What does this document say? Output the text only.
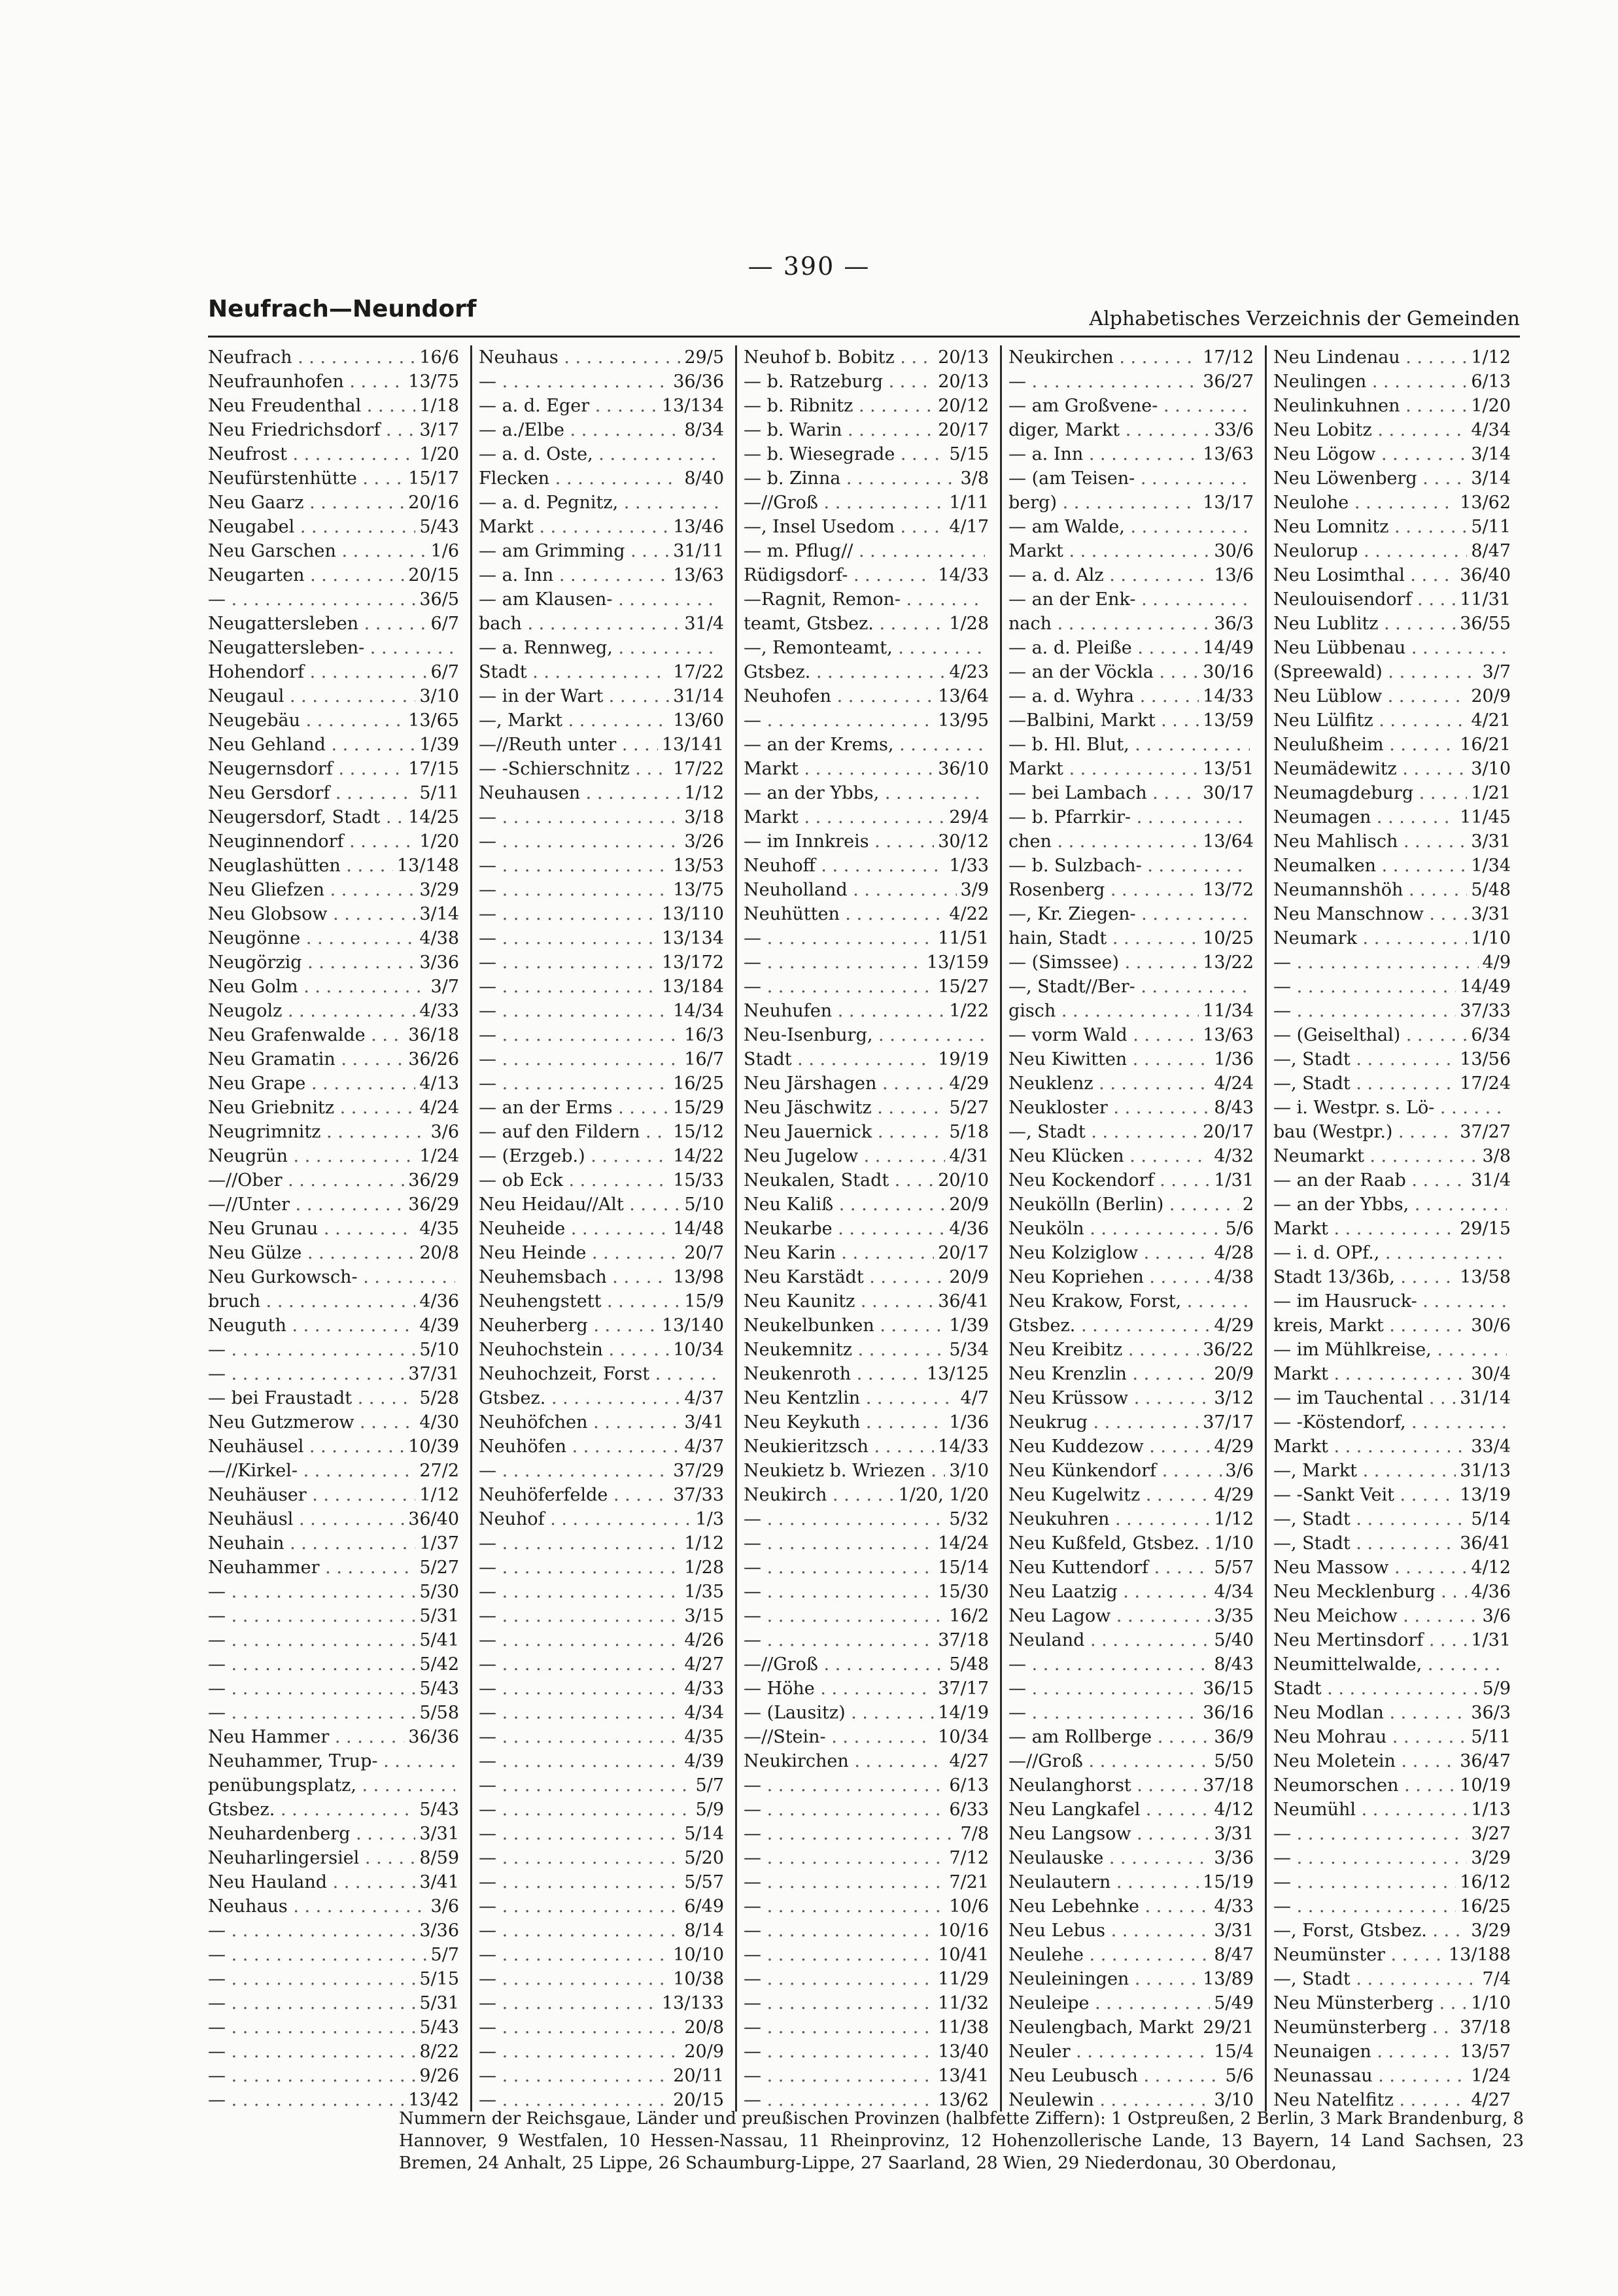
— 390 —
Neufrach—Neundorf	Alphabetisches Verzeichnis der Gemeinden
Neufrach . . .	16/6
Neufraunhofen . . .	13/75
Neu Freudenthal . . .	1/18
Neu Friedrichsdorf . . .	3/17
Neufrost . . .	1/20
Neufürstenhütte . . .	15/17
Neu Gaarz . . .	20/16
Neugabel . . .	5/43
Neu Garschen . . .	1/6
Neugarten . . .	20/15
— . . .	36/5
Neugattersleben . . .	6/7
Neugattersleben- . . .
Hohendorf . . .	6/7
Neugaul . . .	3/10
Neugebäu . . .	13/65
Neu Gehland . . .	1/39
Neugernsdorf . . .	17/15
Neu Gersdorf . . .	5/11
Neugersdorf, Stadt . . .	14/25
Neuginnendorf . . .	1/20
Neuglashütten . . .	13/148
Neu Gliefzen . . .	3/29
Neu Globsow . . .	3/14
Neugönne . . .	4/38
Neugörzig . . .	3/36
Neu Golm . . .	3/7
Neugolz . . .	4/33
Neu Grafenwalde . . .	36/18
Neu Gramatin . . .	36/26
Neu Grape . . .	4/13
Neu Griebnitz . . .	4/24
Neugrimnitz . . .	3/6
Neugrün . . .	1/24
—//Ober . . .	36/29
—//Unter . . .	36/29
Neu Grunau . . .	4/35
Neu Gülze . . .	20/8
Neu Gurkowsch- . . .
bruch . . .	4/36
Neuguth . . .	4/39
— . . .	5/10
— . . .	37/31
— bei Fraustadt . . .	5/28
Neu Gutzmerow . . .	4/30
Neuhäusel . . .	10/39
—//Kirkel- . . .	27/2
Neuhäuser . . .	1/12
Neuhäusl . . .	36/40
Neuhain . . .	1/37
Neuhammer . . .	5/27
— . . .	5/30
— . . .	5/31
— . . .	5/41
— . . .	5/42
— . . .	5/43
— . . .	5/58
Neu Hammer . . .	36/36
Neuhammer, Trup- . . .
penübungsplatz, . . .
Gtsbez. . . .	5/43
Neuhardenberg . . .	3/31
Neuharlingersiel . . .	8/59
Neu Hauland . . .	3/41
Neuhaus . . .	3/6
— . . .	3/36
— . . .	5/7
— . . .	5/15
— . . .	5/31
— . . .	5/43
— . . .	8/22
— . . .	9/26
— . . .	13/42
Neuhaus . . .	29/5
— . . .	36/36
— a. d. Eger . . .	13/134
— a./Elbe . . .	8/34
— a. d. Oste, . . .
Flecken . . .	8/40
— a. d. Pegnitz, . . .
Markt . . .	13/46
— am Grimming . . .	31/11
— a. Inn . . .	13/63
— am Klausen- . . .
bach . . .	31/4
— a. Rennweg, . . .
Stadt . . .	17/22
— in der Wart . . .	31/14
—, Markt . . .	13/60
—//Reuth unter . . .	13/141
— -Schierschnitz . . .	17/22
Neuhausen . . .	1/12
— . . .	3/18
— . . .	3/26
— . . .	13/53
— . . .	13/75
— . . .	13/110
— . . .	13/134
— . . .	13/172
— . . .	13/184
— . . .	14/34
— . . .	16/3
— . . .	16/7
— . . .	16/25
— an der Erms . . .	15/29
— auf den Fildern . . .	15/12
— (Erzgeb.) . . .	14/22
— ob Eck . . .	15/33
Neu Heidau//Alt . . .	5/10
Neuheide . . .	14/48
Neu Heinde . . .	20/7
Neuhemsbach . . .	13/98
Neuhengstett . . .	15/9
Neuherberg . . .	13/140
Neuhochstein . . .	10/34
Neuhochzeit, Forst . . .
Gtsbez. . . .	4/37
Neuhöfchen . . .	3/41
Neuhöfen . . .	4/37
— . . .	37/29
Neuhöferfelde . . .	37/33
Neuhof . . .	1/3
— . . .	1/12
— . . .	1/28
— . . .	1/35
— . . .	3/15
— . . .	4/26
— . . .	4/27
— . . .	4/33
— . . .	4/34
— . . .	4/35
— . . .	4/39
— . . .	5/7
— . . .	5/9
— . . .	5/14
— . . .	5/20
— . . .	5/57
— . . .	6/49
— . . .	8/14
— . . .	10/10
— . . .	10/38
— . . .	13/133
— . . .	20/8
— . . .	20/9
— . . .	20/11
— . . .	20/15
Neuhof b. Bobitz . . .	20/13
— b. Ratzeburg . . .	20/13
— b. Ribnitz . . .	20/12
— b. Warin . . .	20/17
— b. Wiesegrade . . .	5/15
— b. Zinna . . .	3/8
—//Groß . . .	1/11
—, Insel Usedom . . .	4/17
— m. Pflug// . . .
Rüdigsdorf- . . .	14/33
—Ragnit, Remon- . . .
teamt, Gtsbez. . . .	1/28
—, Remonteamt, . . .
Gtsbez. . . .	4/23
Neuhofen . . .	13/64
— . . .	13/95
— an der Krems, . . .
Markt . . .	36/10
— an der Ybbs, . . .
Markt . . .	29/4
— im Innkreis . . .	30/12
Neuhoff . . .	1/33
Neuholland . . .	3/9
Neuhütten . . .	4/22
— . . .	11/51
— . . .	13/159
— . . .	15/27
Neuhufen . . .	1/22
Neu-Isenburg, . . .
Stadt . . .	19/19
Neu Järshagen . . .	4/29
Neu Jäschwitz . . .	5/27
Neu Jauernick . . .	5/18
Neu Jugelow . . .	4/31
Neukalen, Stadt . . .	20/10
Neu Kaliß . . .	20/9
Neukarbe . . .	4/36
Neu Karin . . .	20/17
Neu Karstädt . . .	20/9
Neu Kaunitz . . .	36/41
Neukelbunken . . .	1/39
Neukemnitz . . .	5/34
Neukenroth . . .	13/125
Neu Kentzlin . . .	4/7
Neu Keykuth . . .	1/36
Neukieritzsch . . .	14/33
Neukietz b. Wriezen . . .	3/10
Neukirch . . .	1/20, 1/20
— . . .	5/32
— . . .	14/24
— . . .	15/14
— . . .	15/30
— . . .	16/2
— . . .	37/18
—//Groß . . .	5/48
— Höhe . . .	37/17
— (Lausitz) . . .	14/19
—//Stein- . . .	10/34
Neukirchen . . .	4/27
— . . .	6/13
— . . .	6/33
— . . .	7/8
— . . .	7/12
— . . .	7/21
— . . .	10/6
— . . .	10/16
— . . .	10/41
— . . .	11/29
— . . .	11/32
— . . .	11/38
— . . .	13/40
— . . .	13/41
— . . .	13/62
Neukirchen . . .	17/12
— . . .	36/27
— am Großvene- . . .
diger, Markt . . .	33/6
— a. Inn . . .	13/63
— (am Teisen- . . .
berg) . . .	13/17
— am Walde, . . .
Markt . . .	30/6
— a. d. Alz . . .	13/6
— an der Enk- . . .
nach . . .	36/3
— a. d. Pleiße . . .	14/49
— an der Vöckla . . .	30/16
— a. d. Wyhra . . .	14/33
—Balbini, Markt . . .	13/59
— b. Hl. Blut, . . .
Markt . . .	13/51
— bei Lambach . . .	30/17
— b. Pfarrkir- . . .
chen . . .	13/64
— b. Sulzbach- . . .
Rosenberg . . .	13/72
—, Kr. Ziegen- . . .
hain, Stadt . . .	10/25
— (Simssee) . . .	13/22
—, Stadt//Ber- . . .
gisch . . .	11/34
— vorm Wald . . .	13/63
Neu Kiwitten . . .	1/36
Neuklenz . . .	4/24
Neukloster . . .	8/43
—, Stadt . . .	20/17
Neu Klücken . . .	4/32
Neu Kockendorf . . .	1/31
Neukölln (Berlin) . . .	2
Neuköln . . .	5/6
Neu Kolziglow . . .	4/28
Neu Kopriehen . . .	4/38
Neu Krakow, Forst, . . .
Gtsbez. . . .	4/29
Neu Kreibitz . . .	36/22
Neu Krenzlin . . .	20/9
Neu Krüssow . . .	3/12
Neukrug . . .	37/17
Neu Kuddezow . . .	4/29
Neu Künkendorf . . .	3/6
Neu Kugelwitz . . .	4/29
Neukuhren . . .	1/12
Neu Kußfeld, Gtsbez. . . . 1/10
Neu Kuttendorf . . .	5/57
Neu Laatzig . . .	4/34
Neu Lagow . . .	3/35
Neuland . . .	5/40
— . . .	8/43
— . . .	36/15
— . . .	36/16
— am Rollberge . . .	36/9
—//Groß . . .	5/50
Neulanghorst . . .	37/18
Neu Langkafel . . .	4/12
Neu Langsow . . .	3/31
Neulauske . . .	3/36
Neulautern . . .	15/19
Neu Lebehnke . . .	4/33
Neu Lebus . . .	3/31
Neulehe . . .	8/47
Neuleiningen . . .	13/89
Neuleipe . . .	5/49
Neulengbach, Markt . . . 29/21
Neuler . . .	15/4
Neu Leubusch . . .	5/6
Neulewin . . .	3/10
Neu Lindenau . . .	1/12
Neulingen . . .	6/13
Neulinkuhnen . . .	1/20
Neu Lobitz . . .	4/34
Neu Lögow . . .	3/14
Neu Löwenberg . . .	3/14
Neulohe . . .	13/62
Neu Lomnitz . . .	5/11
Neulorup . . .	8/47
Neu Losimthal . . .	36/40
Neulouisendorf . . .	11/31
Neu Lublitz . . .	36/55
Neu Lübbenau . . .
(Spreewald) . . .	3/7
Neu Lüblow . . .	20/9
Neu Lülfitz . . .	4/21
Neulußheim . . .	16/21
Neumädewitz . . .	3/10
Neumagdeburg . . .	1/21
Neumagen . . .	11/45
Neu Mahlisch . . .	3/31
Neumalken . . .	1/34
Neumannshöh . . .	5/48
Neu Manschnow . . .	3/31
Neumark . . .	1/10
— . . .	4/9
— . . .	14/49
— . . .	37/33
— (Geiselthal) . . .	6/34
—, Stadt . . .	13/56
—, Stadt . . .	17/24
— i. Westpr. s. Lö- . . .
bau (Westpr.) . . .	37/27
Neumarkt . . .	3/8
— an der Raab . . .	31/4
— an der Ybbs, . . .
Markt . . .	29/15
— i. d. OPf., . . .
Stadt 13/36b, . . .	13/58
— im Hausruck- . . .
kreis, Markt . . .	30/6
— im Mühlkreise, . . .
Markt . . .	30/4
— im Tauchental . . .	31/14
— -Köstendorf, . . .
Markt . . .	33/4
—, Markt . . .	31/13
— -Sankt Veit . . .	13/19
—, Stadt . . .	5/14
—, Stadt . . .	36/41
Neu Massow . . .	4/12
Neu Mecklenburg . . .	4/36
Neu Meichow . . .	3/6
Neu Mertinsdorf . . .	1/31
Neumittelwalde, . . .
Stadt . . .	5/9
Neu Modlan . . .	36/3
Neu Mohrau . . .	5/11
Neu Moletein . . .	36/47
Neumorschen . . .	10/19
Neumühl . . .	1/13
— . . .	3/27
— . . .	3/29
— . . .	16/12
— . . .	16/25
—, Forst, Gtsbez. . . .	3/29
Neumünster . . .	13/188
—, Stadt . . .	7/4
Neu Münsterberg . . .	1/10
Neumünsterberg . . .	37/18
Neunaigen . . .	13/57
Neunassau . . .	1/24
Neu Natelfitz . . .	4/27
Nummern der Reichsgaue, Länder und preußischen Provinzen (halbfette Ziffern): 1 Ostpreußen, 2 Berlin, 3 Mark Brandenburg, 8 Hannover, 9 Westfalen, 10 Hessen-Nassau, 11 Rheinprovinz, 12 Hohenzollerische Lande, 13 Bayern, 14 Land Sachsen, 23 Bremen, 24 Anhalt, 25 Lippe, 26 Schaumburg-Lippe, 27 Saarland, 28 Wien, 29 Niederdonau, 30 Oberdonau,
